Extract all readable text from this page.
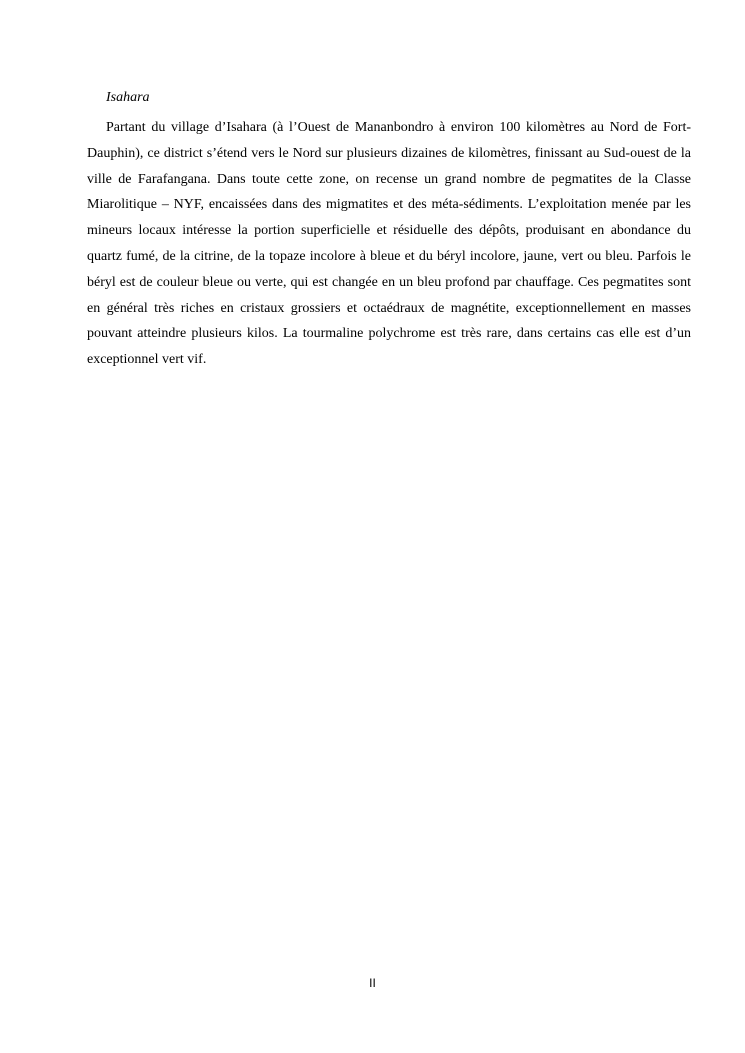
Isahara

Partant du village d’Isahara (à l’Ouest de Mananbondro à environ 100 kilomètres au Nord de Fort-Dauphin), ce district s’étend vers le Nord sur plusieurs dizaines de kilomètres, finissant au Sud-ouest de la ville de Farafangana. Dans toute cette zone, on recense un grand nombre de pegmatites de la Classe Miarolitique – NYF, encaissées dans des migmatites et des méta-sédiments. L’exploitation menée par les mineurs locaux intéresse la portion superficielle et résiduelle des dépôts, produisant en abondance du quartz fumé, de la citrine, de la topaze incolore à bleue et du béryl incolore, jaune, vert ou bleu. Parfois le béryl est de couleur bleue ou verte, qui est changée en un bleu profond par chauffage. Ces pegmatites sont en général très riches en cristaux grossiers et octaédraux de magnétite, exceptionnellement en masses pouvant atteindre plusieurs kilos. La tourmaline polychrome est très rare, dans certains cas elle est d’un exceptionnel vert vif.

II
